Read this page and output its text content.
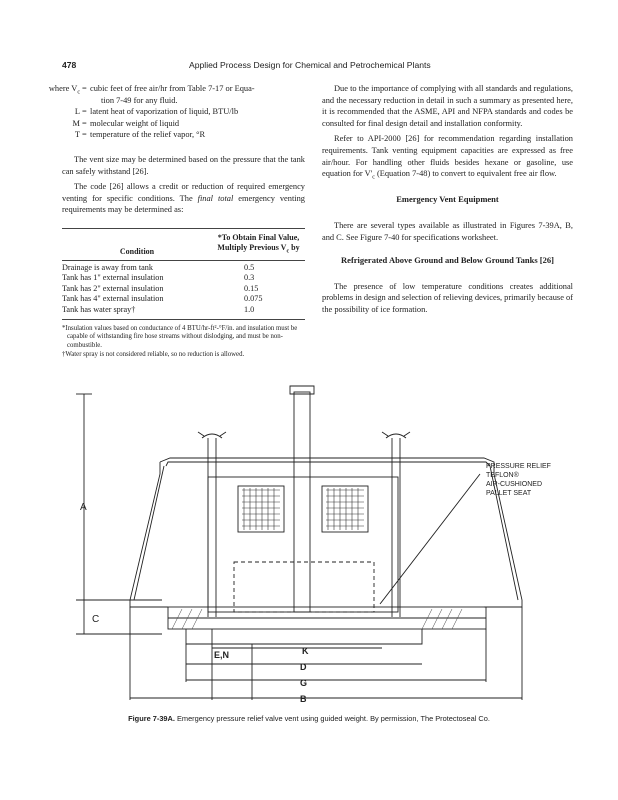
478	Applied Process Design for Chemical and Petrochemical Plants
where $V_c$ = cubic feet of free air/hr from Table 7-17 or Equa-
tion 7-49 for any fluid.
L = latent heat of vaporization of liquid, BTU/lb
M = molecular weight of liquid
T = temperature of the relief vapor, °R

The vent size may be determined based on the pressure that the tank can safely withstand [26].

The code [26] allows a credit or reduction of required emergency venting for specific conditions. The final total emergency venting requirements may be determined as:

Condition
*To Obtain Final Value,
Multiply Previous $V_c$ by
Drainage is away from tank	0.5
Tank has 1" external insulation	0.3
Tank has 2" external insulation	0.15
Tank has 4" external insulation	0.075
Tank has water spray†	1.0
*Insulation values based on conductance of 4 BTU/hr-ft²-°F/in. and insulation must be capable of withstanding fire hose streams without dislodging, and must be non-combustible.
†Water spray is not considered reliable, so no reduction is allowed.

Due to the importance of complying with all standards and regulations, and the necessary reduction in detail in such a summary as presented here, it is recommended that the ASME, API and NFPA standards and codes be consulted for final design detail and installation conformity.

Refer to API-2000 [26] for recommendation regarding installation requirements. Tank venting equipment capacities are expressed as free air/hour. For handling other fluids besides hexane or gasoline, use equation for $V'_c$ (Equation 7-48) to convert to equivalent free air flow.

Emergency Vent Equipment

There are several types available as illustrated in Figures 7-39A, B, and C. See Figure 7-40 for specifications worksheet.

Refrigerated Above Ground and Below Ground Tanks [26]

The presence of low temperature conditions creates additional problems in design and selection of relieving devices, primarily because of the possibility of ice formation.

A
C
E,N	K
D
G
B
PRESSURE RELIEF
TEFLON®
AIR-CUSHIONED
PALLET SEAT
Figure 7-39A. Emergency pressure relief valve vent using guided weight. By permission, The Protectoseal Co.
